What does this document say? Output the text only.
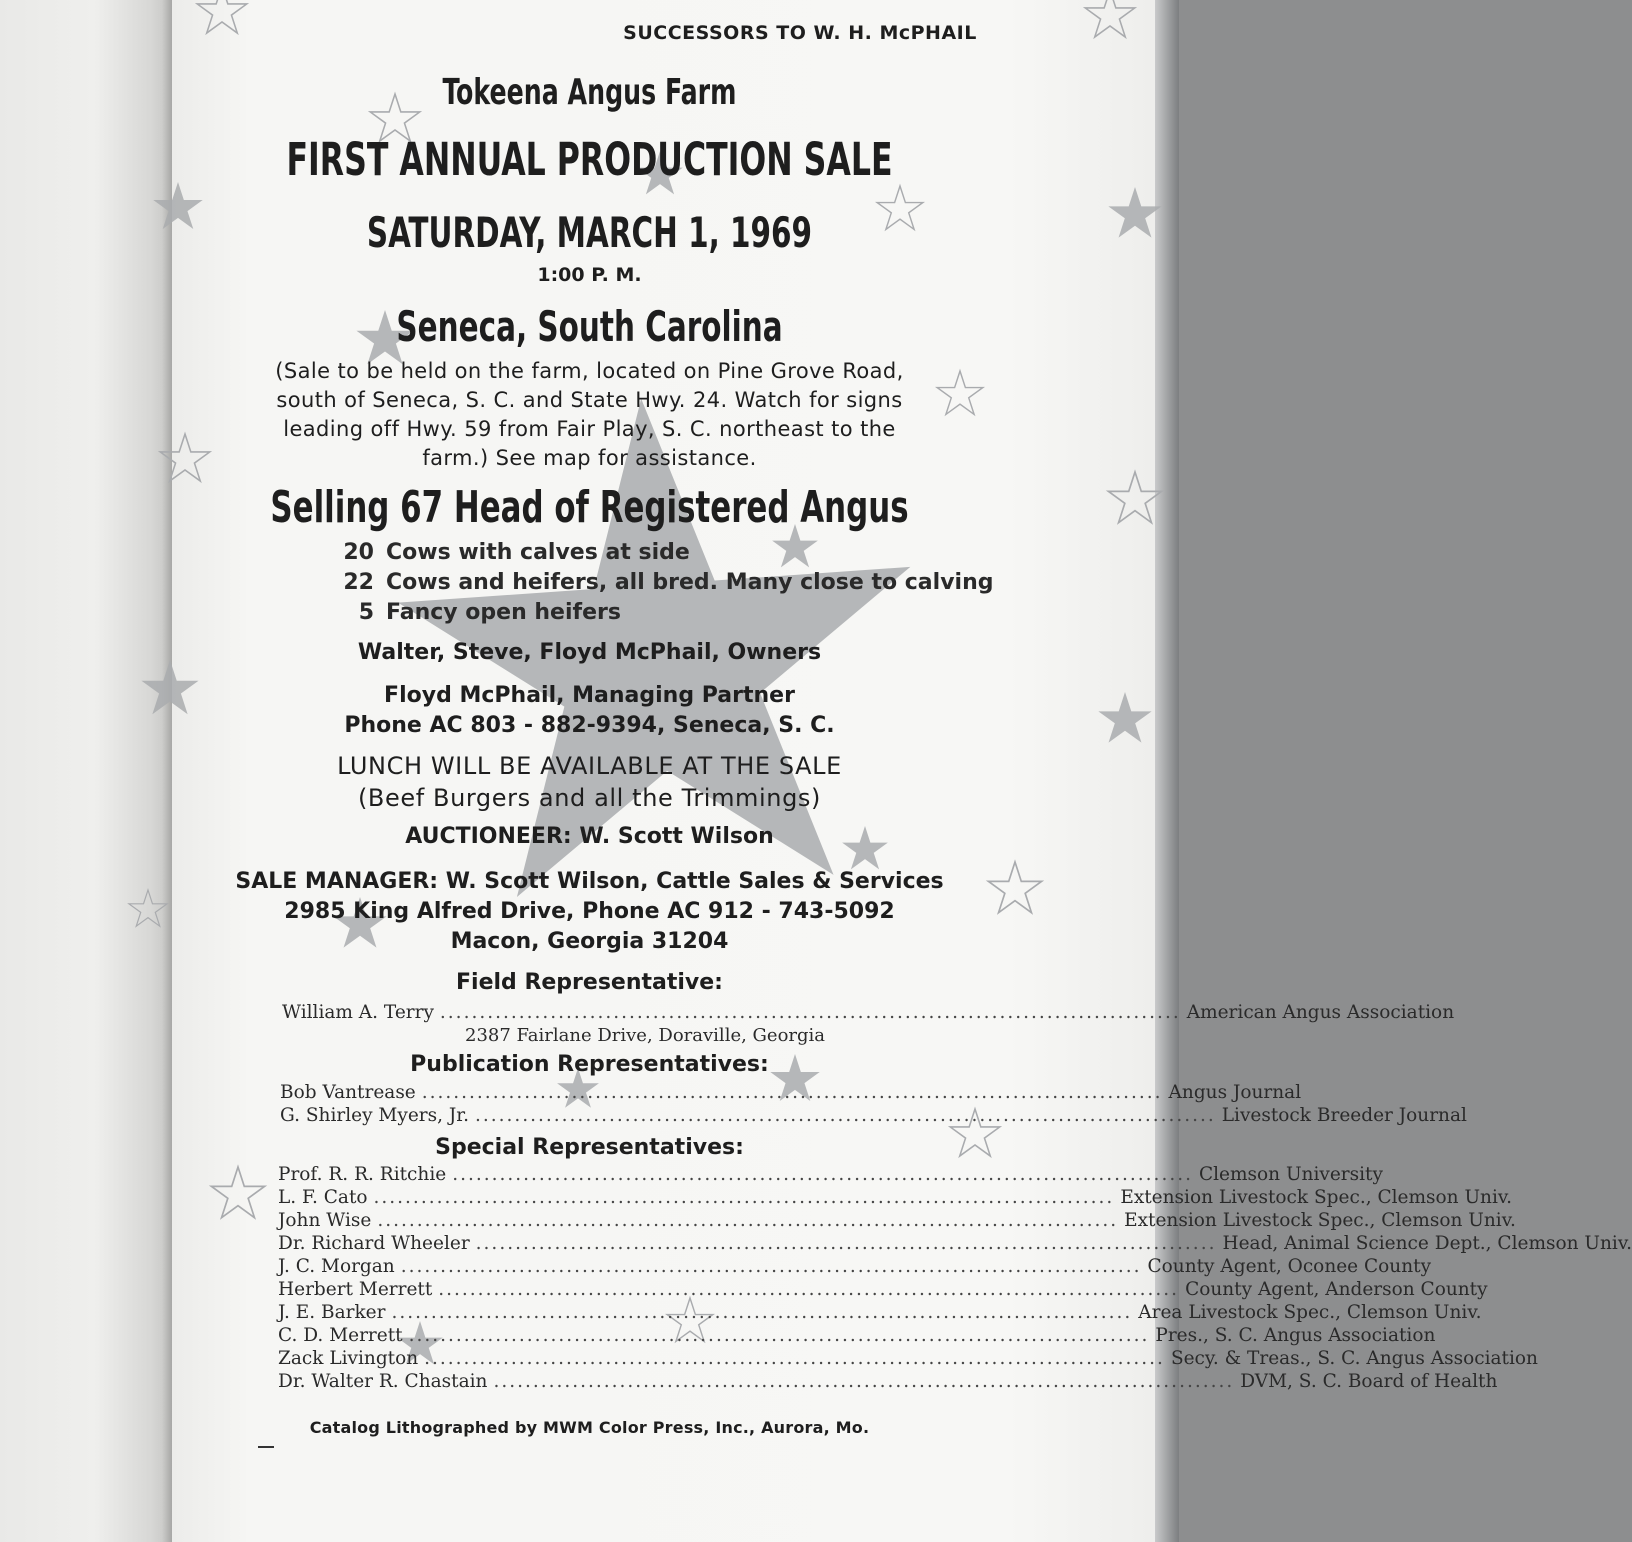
SUCCESSORS TO W. H. McPHAIL
Tokeena Angus Farm
FIRST ANNUAL PRODUCTION SALE
SATURDAY, MARCH 1, 1969
1:00 P. M.
Seneca, South Carolina
(Sale to be held on the farm, located on Pine Grove Road,
south of Seneca, S. C. and State Hwy. 24. Watch for signs
leading off Hwy. 59 from Fair Play, S. C. northeast to the
farm.) See map for assistance.
Selling 67 Head of Registered Angus
20 Cows with calves at side
22 Cows and heifers, all bred. Many close to calving
5 Fancy open heifers
Walter, Steve, Floyd McPhail, Owners
Floyd McPhail, Managing Partner
Phone AC 803 - 882-9394, Seneca, S. C.
LUNCH WILL BE AVAILABLE AT THE SALE
(Beef Burgers and all the Trimmings)
AUCTIONEER: W. Scott Wilson
SALE MANAGER: W. Scott Wilson, Cattle Sales & Services
2985 King Alfred Drive, Phone AC 912 - 743-5092
Macon, Georgia 31204
Field Representative:
William A. Terry .............................................................................................. American Angus Association
2387 Fairlane Drive, Doraville, Georgia
Publication Representatives:
Bob Vantrease .............................................................................................. Angus Journal
G. Shirley Myers, Jr. .............................................................................................. Livestock Breeder Journal
Special Representatives:
Prof. R. R. Ritchie .............................................................................................. Clemson University
L. F. Cato .............................................................................................. Extension Livestock Spec., Clemson Univ.
John Wise .............................................................................................. Extension Livestock Spec., Clemson Univ.
Dr. Richard Wheeler .............................................................................................. Head, Animal Science Dept., Clemson Univ.
J. C. Morgan .............................................................................................. County Agent, Oconee County
Herbert Merrett .............................................................................................. County Agent, Anderson County
J. E. Barker .............................................................................................. Area Livestock Spec., Clemson Univ.
C. D. Merrett .............................................................................................. Pres., S. C. Angus Association
Zack Livington .............................................................................................. Secy. & Treas., S. C. Angus Association
Dr. Walter R. Chastain .............................................................................................. DVM, S. C. Board of Health
Catalog Lithographed by MWM Color Press, Inc., Aurora, Mo.
